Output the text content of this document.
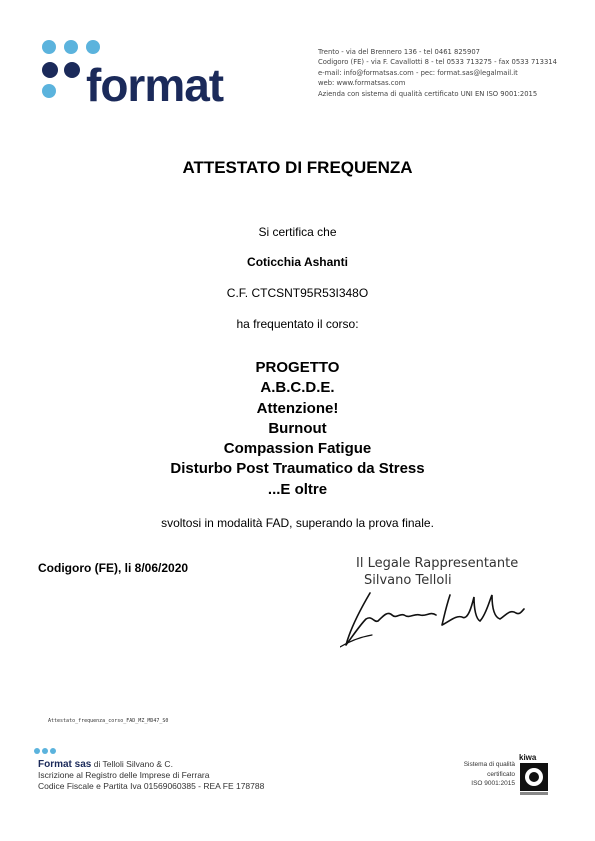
format
Trento - via del Brennero 136 - tel 0461 825907
Codigoro (FE) - via F. Cavallotti 8 - tel 0533 713275 - fax 0533 713314
e-mail: info@formatsas.com - pec: format.sas@legalmail.it
web: www.formatsas.com
Azienda con sistema di qualità certificato UNI EN ISO 9001:2015
ATTESTATO DI FREQUENZA
Si certifica che
Coticchia Ashanti
C.F. CTCSNT95R53I348O
ha frequentato il corso:
PROGETTO
A.B.C.D.E.
Attenzione!
Burnout
Compassion Fatigue
Disturbo Post Traumatico da Stress
...E oltre
svoltosi in modalità FAD, superando la prova finale.
Codigoro (FE), li 8/06/2020	Il Legale Rappresentante
Silvano Telloli
Attestato_frequenza_corso_FAD_MZ_MD47_S0
Format sas di Telloli Silvano & C.
Iscrizione al Registro delle Imprese di Ferrara
Codice Fiscale e Partita Iva 01569060385 - REA FE 178788
Sistema di qualità
certificato
ISO 9001:2015
kiwa
